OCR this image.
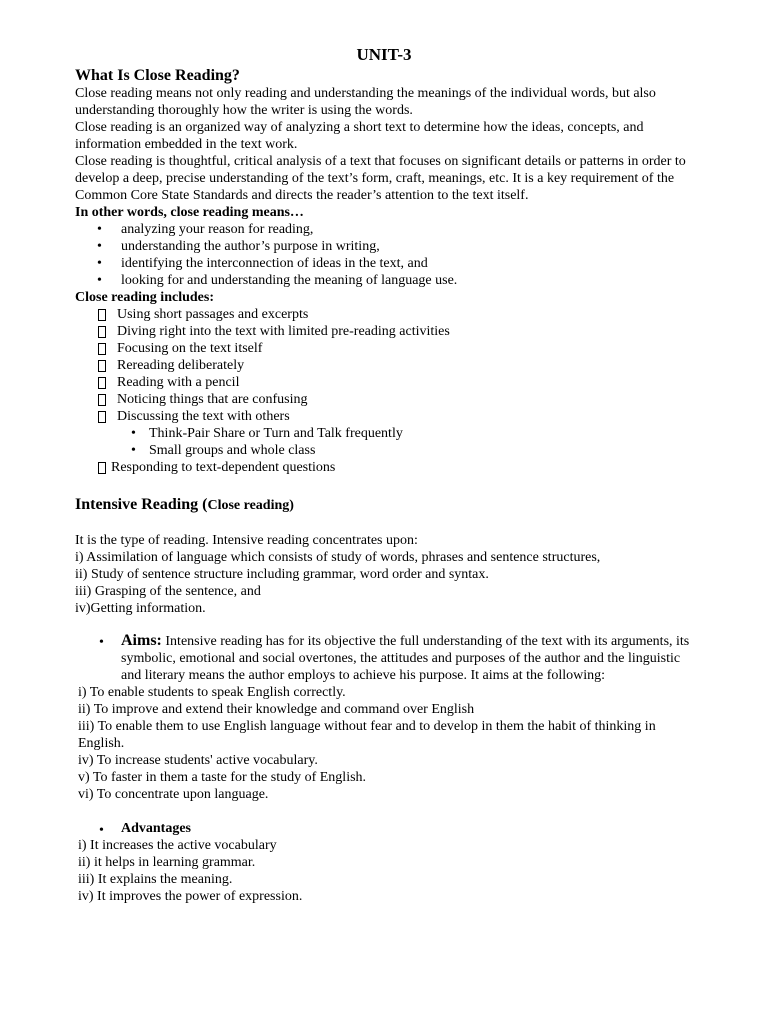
UNIT-3
What Is Close Reading?

Close reading means not only reading and understanding the meanings of the individual words, but also understanding thoroughly how the writer is using the words.

Close reading is an organized way of analyzing a short text to determine how the ideas, concepts, and information embedded in the text work.

Close reading is thoughtful, critical analysis of a text that focuses on significant details or patterns in order to develop a deep, precise understanding of the text’s form, craft, meanings, etc. It is a key requirement of the Common Core State Standards and directs the reader’s attention to the text itself.

In other words, close reading means…
• analyzing your reason for reading,
• understanding the author’s purpose in writing,
• identifying the interconnection of ideas in the text, and
• looking for and understanding the meaning of language use.
Close reading includes:
Using short passages and excerpts
Diving right into the text with limited pre-reading activities
Focusing on the text itself
Rereading deliberately
Reading with a pencil
Noticing things that are confusing
Discussing the text with others
• Think-Pair Share or Turn and Talk frequently
• Small groups and whole class
Responding to text-dependent questions
Intensive Reading (Close reading)

It is the type of reading. Intensive reading concentrates upon:

i) Assimilation of language which consists of study of words, phrases and sentence structures,

ii) Study of sentence structure including grammar, word order and syntax.

iii) Grasping of the sentence, and

iv)Getting information.

• Aims: Intensive reading has for its objective the full understanding of the text with its arguments, its symbolic, emotional and social overtones, the attitudes and purposes of the author and the linguistic and literary means the author employs to achieve his purpose. It aims at the following:
i) To enable students to speak English correctly.
ii) To improve and extend their knowledge and command over English
iii) To enable them to use English language without fear and to develop in them the habit of thinking in English.
iv) To increase students' active vocabulary.
v) To faster in them a taste for the study of English.
vi) To concentrate upon language.
• Advantages
i) It increases the active vocabulary
ii) it helps in learning grammar.
iii) It explains the meaning.
iv) It improves the power of expression.
